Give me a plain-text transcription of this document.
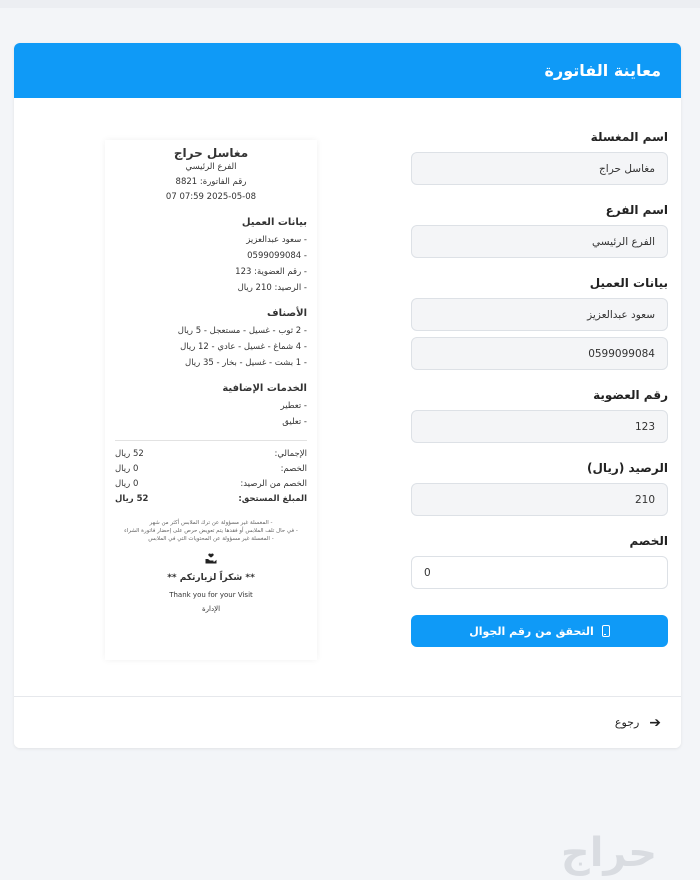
معاينة الفاتورة
اسم المغسلة
مغاسل حراج
اسم الفرع
الفرع الرئيسي
بيانات العميل
سعود عبدالعزيز
0599099084
رقم العضوية
123
الرصيد (ريال)
210
الخصم
0
التحقق من رقم الجوال
مغاسل حراج
الفرع الرئيسي
رقم الفاتورة: 8821
2025-05-08 07:59 07
بيانات العميل
- سعود عبدالعزيز
- 0599099084
- رقم العضوية: 123
- الرصيد: 210 ريال
الأصناف
- 2 ثوب - غسيل - مستعجل - 5 ريال
- 4 شماغ - غسيل - عادي - 12 ريال
- 1 بشت - غسيل - بخار - 35 ريال
الخدمات الإضافية
- تعطير
- تعليق
الإجمالي:
52 ريال
الخصم:
0 ريال
الخصم من الرصيد:
0 ريال
المبلغ المستحق:
52 ريال
- المغسلة غير مسؤولة عن ترك الملابس أكثر من شهر
- في حال تلف الملابس أو فقدها يتم تعويض حرص على إحضار فاتورة الشراء
- المغسلة غير مسؤولة عن المحتويات التي في الملابس
** شكراً لزيارتكم **
Thank you for your Visit
الإدارة
➔
رجوع
حراج
